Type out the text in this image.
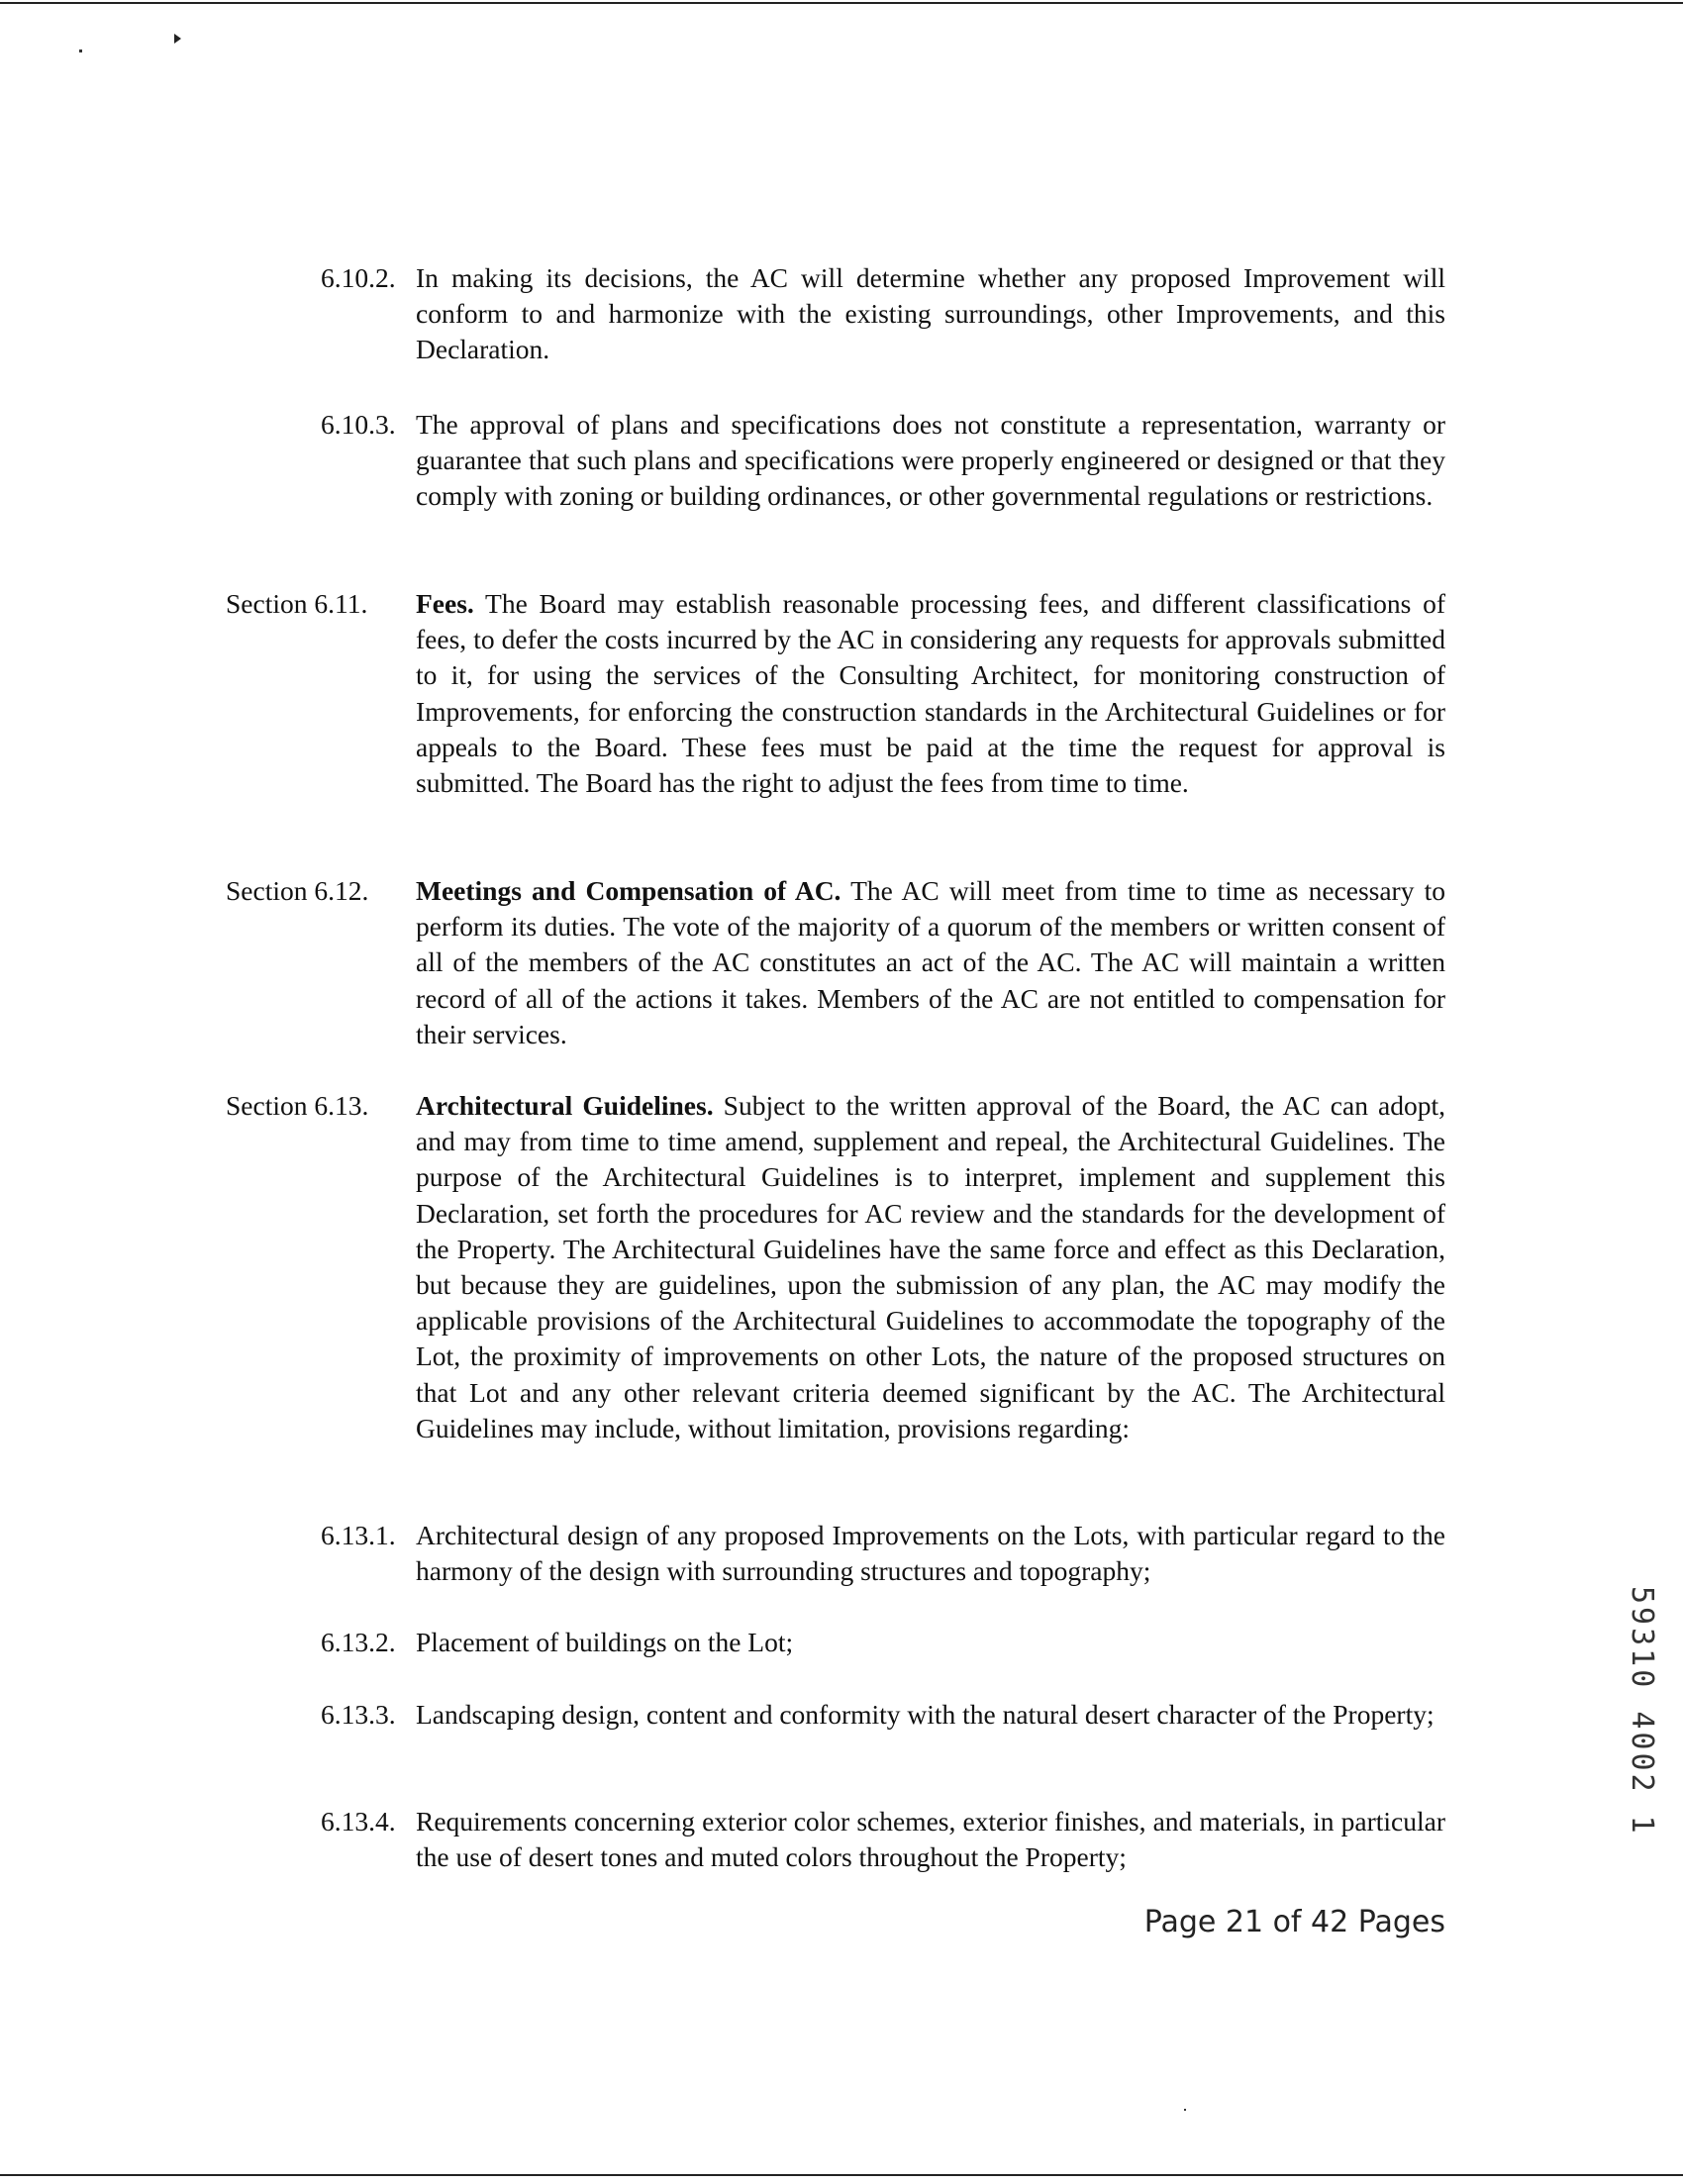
6.10.2. In making its decisions, the AC will determine whether any proposed Improvement will conform to and harmonize with the existing surroundings, other Improvements, and this Declaration.

6.10.3. The approval of plans and specifications does not constitute a representation, warranty or guarantee that such plans and specifications were properly engineered or designed or that they comply with zoning or building ordinances, or other governmental regulations or restrictions.

Section 6.11. Fees. The Board may establish reasonable processing fees, and different classifications of fees, to defer the costs incurred by the AC in considering any requests for approvals submitted to it, for using the services of the Consulting Architect, for monitoring construction of Improvements, for enforcing the construction standards in the Architectural Guidelines or for appeals to the Board. These fees must be paid at the time the request for approval is submitted. The Board has the right to adjust the fees from time to time.

Section 6.12. Meetings and Compensation of AC. The AC will meet from time to time as necessary to perform its duties. The vote of the majority of a quorum of the members or written consent of all of the members of the AC constitutes an act of the AC. The AC will maintain a written record of all of the actions it takes. Members of the AC are not entitled to compensation for their services.

Section 6.13. Architectural Guidelines. Subject to the written approval of the Board, the AC can adopt, and may from time to time amend, supplement and repeal, the Architectural Guidelines. The purpose of the Architectural Guidelines is to interpret, implement and supplement this Declaration, set forth the procedures for AC review and the standards for the development of the Property. The Architectural Guidelines have the same force and effect as this Declaration, but because they are guidelines, upon the submission of any plan, the AC may modify the applicable provisions of the Architectural Guidelines to accommodate the topography of the Lot, the proximity of improvements on other Lots, the nature of the proposed structures on that Lot and any other relevant criteria deemed significant by the AC. The Architectural Guidelines may include, without limitation, provisions regarding:

6.13.1. Architectural design of any proposed Improvements on the Lots, with particular regard to the harmony of the design with surrounding structures and topography;

6.13.2. Placement of buildings on the Lot;

6.13.3. Landscaping design, content and conformity with the natural desert character of the Property;

6.13.4. Requirements concerning exterior color schemes, exterior finishes, and materials, in particular the use of desert tones and muted colors throughout the Property;

Page 21 of 42 Pages
59310 4002 1
